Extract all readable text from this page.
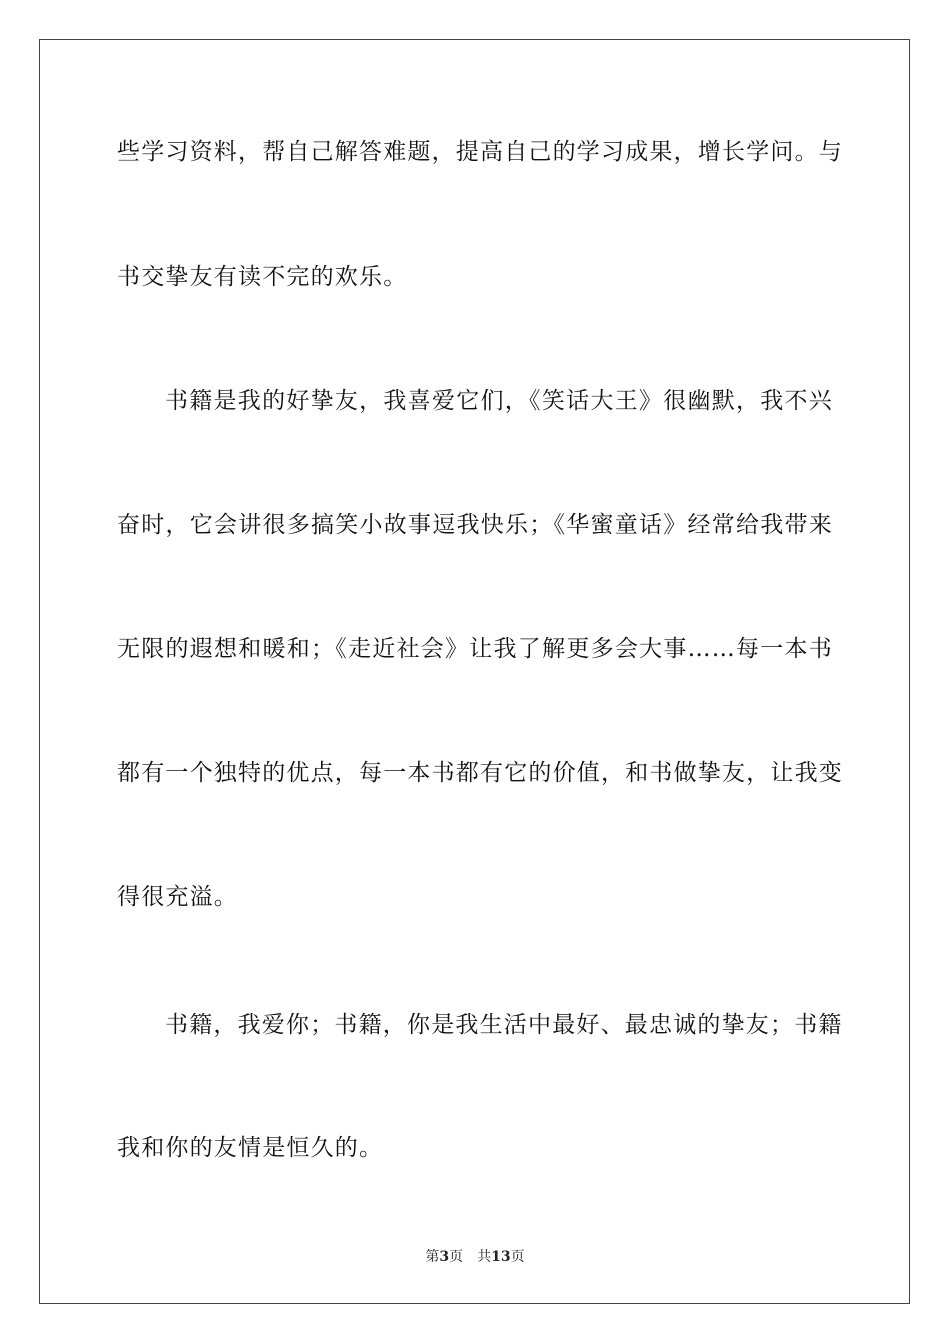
些学习资料，帮自己解答难题，提高自己的学习成果，增长学问。与
书交挚友有读不完的欢乐。
书籍是我的好挚友，我喜爱它们，《笑话大王》很幽默，我不兴
奋时，它会讲很多搞笑小故事逗我快乐；《华蜜童话》经常给我带来
无限的遐想和暖和；《走近社会》让我了解更多会大事……每一本书
都有一个独特的优点，每一本书都有它的价值，和书做挚友，让我变
得很充溢。
书籍，我爱你；书籍，你是我生活中最好、最忠诚的挚友；书籍
我和你的友情是恒久的。
第3页 共13页
